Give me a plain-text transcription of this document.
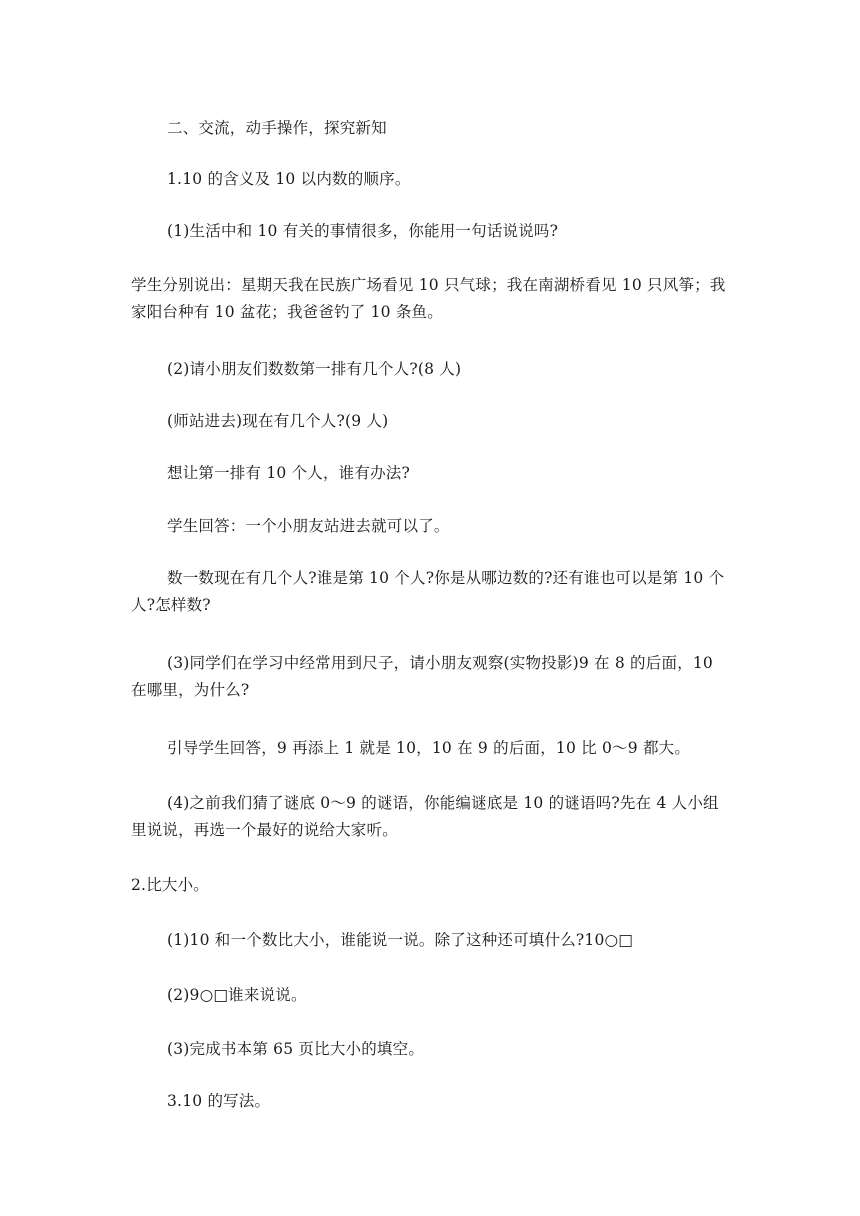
二、交流，动手操作，探究新知
1.10 的含义及 10 以内数的顺序。
(1)生活中和 10 有关的事情很多，你能用一句话说说吗?
学生分别说出：星期天我在民族广场看见 10 只气球；我在南湖桥看见 10 只风筝；我家阳台种有 10 盆花；我爸爸钓了 10 条鱼。
(2)请小朋友们数数第一排有几个人?(8 人)
(师站进去)现在有几个人?(9 人)
想让第一排有 10 个人，谁有办法?
学生回答：一个小朋友站进去就可以了。
数一数现在有几个人?谁是第 10 个人?你是从哪边数的?还有谁也可以是第 10 个人?怎样数?
(3)同学们在学习中经常用到尺子，请小朋友观察(实物投影)9 在 8 的后面，10 在哪里，为什么?
引导学生回答，9 再添上 1 就是 10，10 在 9 的后面，10 比 0～9 都大。
(4)之前我们猜了谜底 0～9 的谜语，你能编谜底是 10 的谜语吗?先在 4 人小组里说说，再选一个最好的说给大家听。
2.比大小。
(1)10 和一个数比大小，谁能说一说。除了这种还可填什么?10○□
(2)9○□谁来说说。
(3)完成书本第 65 页比大小的填空。
3.10 的写法。
